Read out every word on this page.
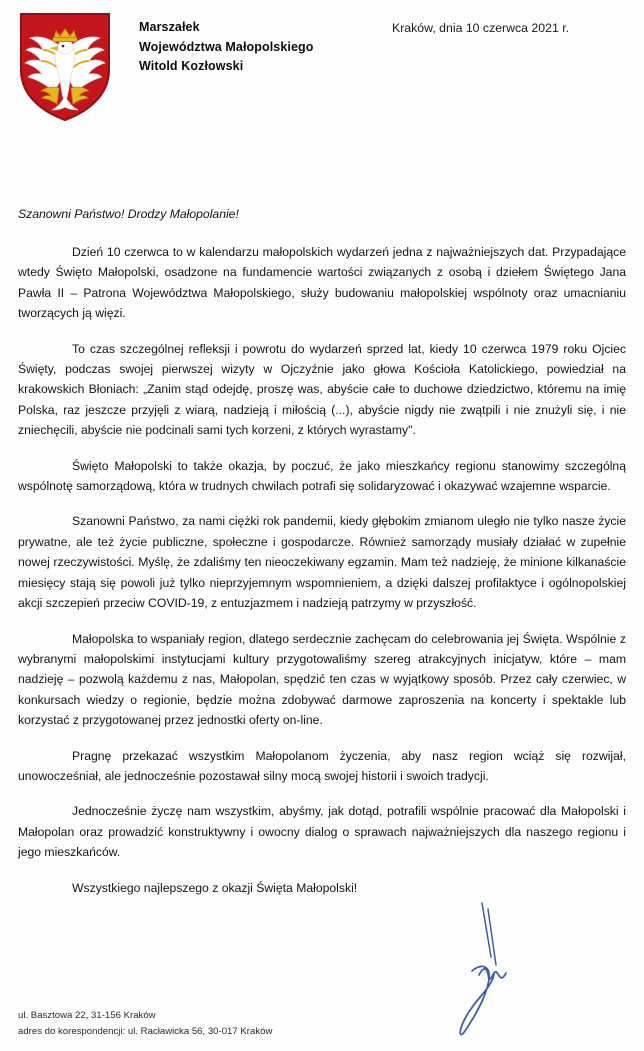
Marszałek
Województwa Małopolskiego
Witold Kozłowski
Kraków, dnia 10 czerwca 2021 r.
Szanowni Państwo! Drodzy Małopolanie!

Dzień 10 czerwca to w kalendarzu małopolskich wydarzeń jedna z najważniejszych dat. Przypadające wtedy Święto Małopolski, osadzone na fundamencie wartości związanych z osobą i dziełem Świętego Jana Pawła II – Patrona Województwa Małopolskiego, służy budowaniu małopolskiej wspólnoty oraz umacnianiu tworzących ją więzi.

To czas szczególnej refleksji i powrotu do wydarzeń sprzed lat, kiedy 10 czerwca 1979 roku Ojciec Święty, podczas swojej pierwszej wizyty w Ojczyźnie jako głowa Kościoła Katolickiego, powiedział na krakowskich Błoniach: „Zanim stąd odejdę, proszę was, abyście całe to duchowe dziedzictwo, któremu na imię Polska, raz jeszcze przyjęli z wiarą, nadzieją i miłością (...), abyście nigdy nie zwątpili i nie znużyli się, i nie zniechęcili, abyście nie podcinali sami tych korzeni, z których wyrastamy".

Święto Małopolski to także okazja, by poczuć, że jako mieszkańcy regionu stanowimy szczególną wspólnotę samorządową, która w trudnych chwilach potrafi się solidaryzować i okazywać wzajemne wsparcie.

Szanowni Państwo, za nami ciężki rok pandemii, kiedy głębokim zmianom uległo nie tylko nasze życie prywatne, ale też życie publiczne, społeczne i gospodarcze. Również samorządy musiały działać w zupełnie nowej rzeczywistości. Myślę, że zdaliśmy ten nieoczekiwany egzamin. Mam też nadzieję, że minione kilkanaście miesięcy stają się powoli już tylko nieprzyjemnym wspomnieniem, a dzięki dalszej profilaktyce i ogólnopolskiej akcji szczepień przeciw COVID-19, z entuzjazmem i nadzieją patrzymy w przyszłość.

Małopolska to wspaniały region, dlatego serdecznie zachęcam do celebrowania jej Święta. Wspólnie z wybranymi małopolskimi instytucjami kultury przygotowaliśmy szereg atrakcyjnych inicjatyw, które – mam nadzieję – pozwolą każdemu z nas, Małopolan, spędzić ten czas w wyjątkowy sposób. Przez cały czerwiec, w konkursach wiedzy o regionie, będzie można zdobywać darmowe zaproszenia na koncerty i spektakle lub korzystać z przygotowanej przez jednostki oferty on-line.

Pragnę przekazać wszystkim Małopolanom życzenia, aby nasz region wciąż się rozwijał, unowocześniał, ale jednocześnie pozostawał silny mocą swojej historii i swoich tradycji.

Jednocześnie życzę nam wszystkim, abyśmy, jak dotąd, potrafili wspólnie pracować dla Małopolski i Małopolan oraz prowadzić konstruktywny i owocny dialog o sprawach najważniejszych dla naszego regionu i jego mieszkańców.

Wszystkiego najlepszego z okazji Święta Małopolski!

ul. Basztowa 22, 31-156 Kraków
adres do korespondencji: ul. Racławicka 56, 30-017 Kraków
